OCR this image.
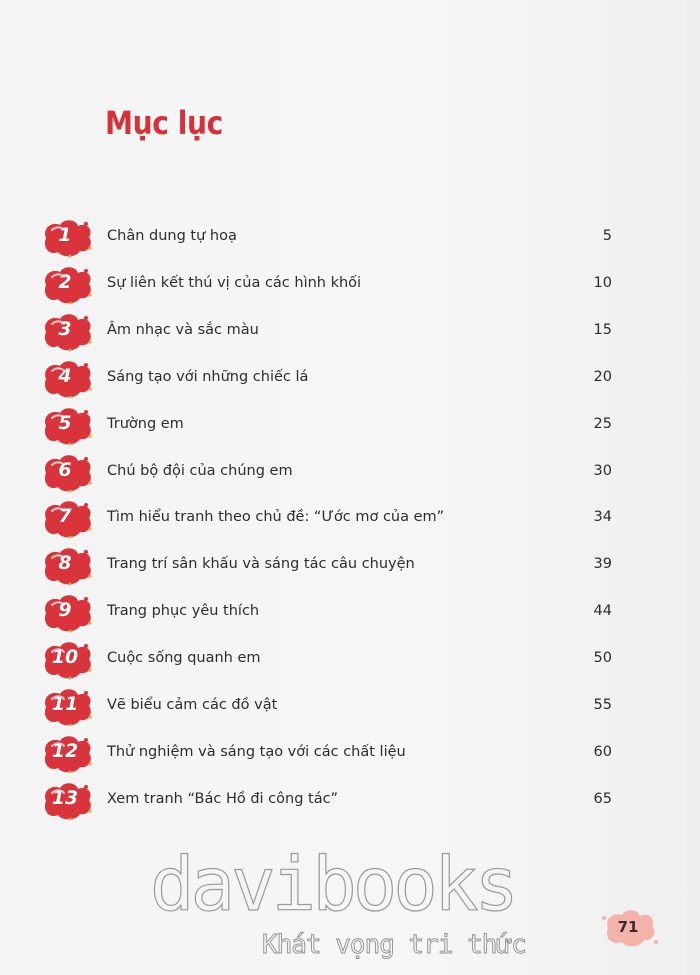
Mục lục
1	Chân dung tự hoạ	5
2	Sự liên kết thú vị của các hình khối	10
3	Âm nhạc và sắc màu	15
4	Sáng tạo với những chiếc lá	20
5	Trường em	25
6	Chú bộ đội của chúng em	30
7	Tìm hiểu tranh theo chủ đề: “Ước mơ của em”	34
8	Trang trí sân khấu và sáng tác câu chuyện	39
9	Trang phục yêu thích	44
10	Cuộc sống quanh em	50
11	Vẽ biểu cảm các đồ vật	55
12	Thử nghiệm và sáng tạo với các chất liệu	60
13	Xem tranh “Bác Hồ đi công tác”	65
davibooks
Khát vọng tri thức
71
